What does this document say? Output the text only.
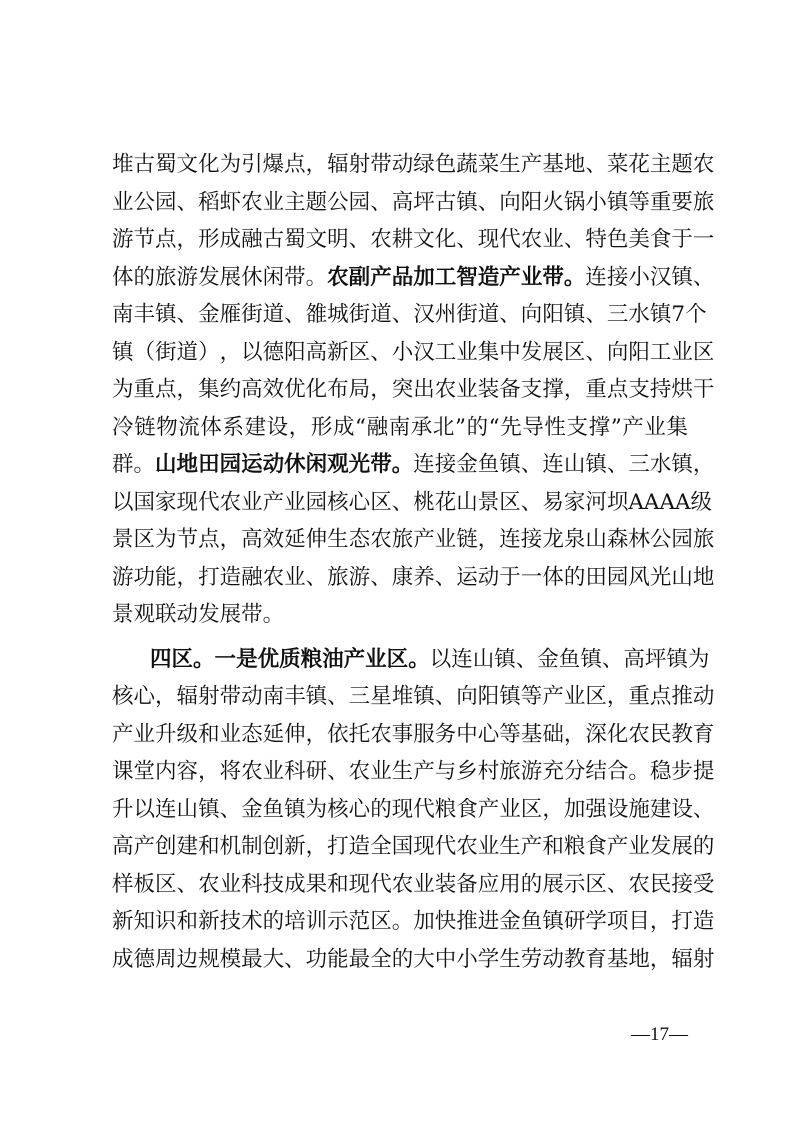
堆 古 蜀 文 化 为 引 爆 点 ， 辐 射 带 动 绿 色 蔬 菜 生 产 基 地 、 菜 花 主 题 农
业 公 园 、 稻 虾 农 业 主 题 公 园 、 高 坪 古 镇 、 向 阳 火 锅 小 镇 等 重 要 旅
游 节 点 ， 形 成 融 古 蜀 文 明 、 农 耕 文 化 、 现 代 农 业 、 特 色 美 食 于 一
体 的 旅 游 发 展 休 闲 带 。 农 副 产 品 加 工 智 造 产 业 带 。 连 接 小 汉 镇 、
南 丰 镇 、 金 雁 街 道 、 雒 城 街 道 、 汉 州 街 道 、 向 阳 镇 、 三 水 镇 7 个
镇 （ 街 道 ） ， 以 德 阳 高 新 区 、 小 汉 工 业 集 中 发 展 区 、 向 阳 工 业 区
为 重 点 ， 集 约 高 效 优 化 布 局 ， 突 出 农 业 装 备 支 撑 ， 重 点 支 持 烘 干
冷 链 物 流 体 系 建 设 ， 形 成 “ 融 南 承 北 ” 的 “ 先 导 性 支 撑 ” 产 业 集
群 。 山 地 田 园 运 动 休 闲 观 光 带 。 连 接 金 鱼 镇 、 连 山 镇 、 三 水 镇 ，
以 国 家 现 代 农 业 产 业 园 核 心 区 、 桃 花 山 景 区 、 易 家 河 坝 A A A A 级
景 区 为 节 点 ， 高 效 延 伸 生 态 农 旅 产 业 链 ， 连 接 龙 泉 山 森 林 公 园 旅
游 功 能 ， 打 造 融 农 业 、 旅 游 、 康 养 、 运 动 于 一 体 的 田 园 风 光 山 地
景 观 联 动 发 展 带 。
四 区 。 一 是 优 质 粮 油 产 业 区 。 以 连 山 镇 、 金 鱼 镇 、 高 坪 镇 为
核 心 ， 辐 射 带 动 南 丰 镇 、 三 星 堆 镇 、 向 阳 镇 等 产 业 区 ， 重 点 推 动
产 业 升 级 和 业 态 延 伸 ， 依 托 农 事 服 务 中 心 等 基 础 ， 深 化 农 民 教 育
课 堂 内 容 ， 将 农 业 科 研 、 农 业 生 产 与 乡 村 旅 游 充 分 结 合 。 稳 步 提
升 以 连 山 镇 、 金 鱼 镇 为 核 心 的 现 代 粮 食 产 业 区 ， 加 强 设 施 建 设 、
高 产 创 建 和 机 制 创 新 ， 打 造 全 国 现 代 农 业 生 产 和 粮 食 产 业 发 展 的
样 板 区 、 农 业 科 技 成 果 和 现 代 农 业 装 备 应 用 的 展 示 区 、 农 民 接 受
新 知 识 和 新 技 术 的 培 训 示 范 区 。 加 快 推 进 金 鱼 镇 研 学 项 目 ， 打 造
成 德 周 边 规 模 最 大 、 功 能 最 全 的 大 中 小 学 生 劳 动 教 育 基 地 ， 辐 射
—17—
